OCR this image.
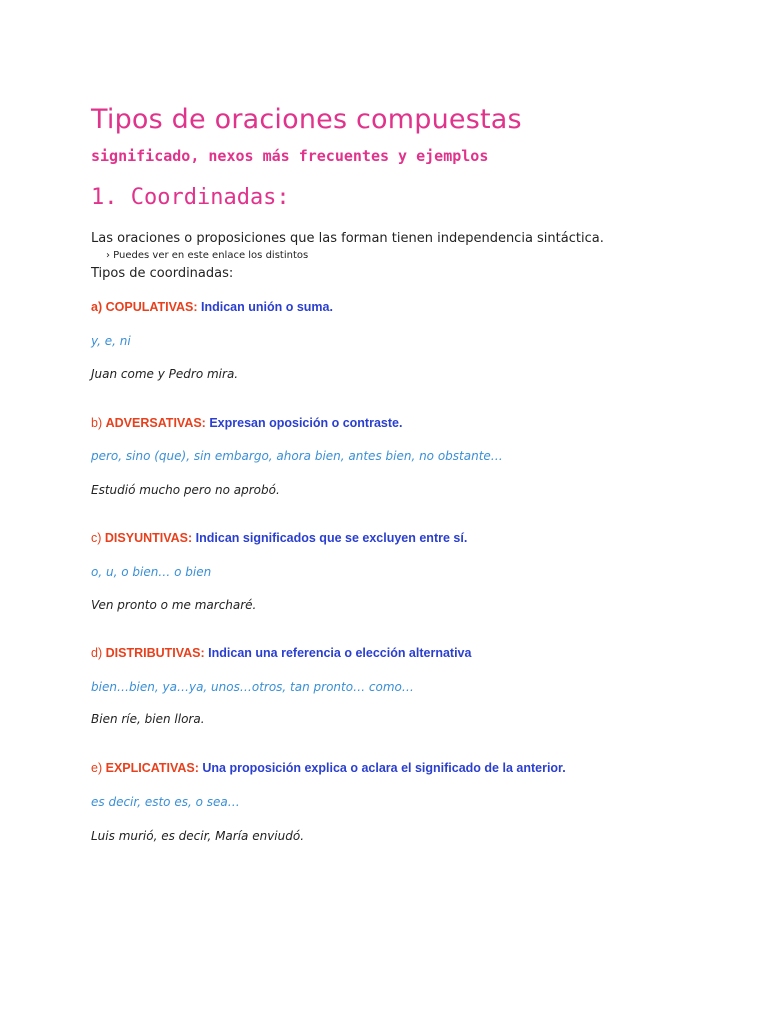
Tipos de oraciones compuestas
significado, nexos más frecuentes y ejemplos
1. Coordinadas:
Las oraciones o proposiciones que las forman tienen independencia sintáctica.
› Puedes ver en este enlace los distintos
Tipos de coordinadas:
a) COPULATIVAS: Indican unión o suma.
y, e, ni
Juan come y Pedro mira.
b) ADVERSATIVAS: Expresan oposición o contraste.
pero, sino (que), sin embargo, ahora bien, antes bien, no obstante…
Estudió mucho pero no aprobó.
c) DISYUNTIVAS: Indican significados que se excluyen entre sí.
o, u, o bien… o bien
Ven pronto o me marcharé.
d) DISTRIBUTIVAS: Indican una referencia o elección alternativa
bien…bien, ya…ya, unos…otros, tan pronto… como…
Bien ríe, bien llora.
e) EXPLICATIVAS: Una proposición explica o aclara el significado de la anterior.
es decir, esto es, o sea…
Luis murió, es decir, María enviudó.
